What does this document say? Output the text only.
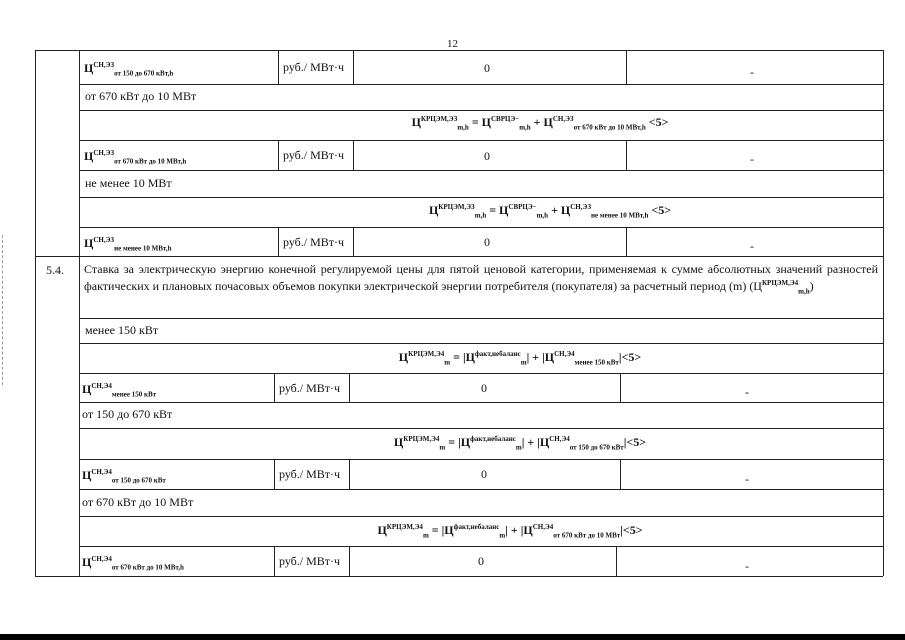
12
$Ц^{СН,ЭЗ}_{от 150 до 670 кВт,h}$	руб./ МВт·ч	0	-
от 670 кВт до 10 МВт
$Ц^{КРЦЭМ,ЭЗ}_{m,h} = Ц^{СВРЦЭ-}_{m,h} + Ц^{СН,ЭЗ}_{от 670 кВт до 10 МВт,h} <5>$
$Ц^{СН,ЭЗ}_{от 670 кВт до 10 МВт,h}$	руб./ МВт·ч	0	-
не менее 10 МВт
$Ц^{КРЦЭМ,ЭЗ}_{m,h} = Ц^{СВРЦЭ-}_{m,h} + Ц^{СН,ЭЗ}_{не менее 10 МВт,h} <5>$
$Ц^{СН,ЭЗ}_{не менее 10 МВт,h}$	руб./ МВт·ч	0	-
5.4. Ставка за электрическую энергию конечной регулируемой цены для пятой ценовой категории, применяемая к сумме абсолютных значений разностей фактических и плановых почасовых объемов покупки электрической энергии потребителя (покупателя) за расчетный период (m) $(Ц^{КРЦЭМ,Э4}_{m,h})$
менее 150 кВт
$Ц^{КРЦЭМ,Э4}_m = |Ц^{факт,небаланс}_m| + |Ц^{СН,Э4}_{менее 150 кВт}|<5>$
$Ц^{СН,Э4}_{менее 150 кВт}$	руб./ МВт·ч	0	-
от 150 до 670 кВт
$Ц^{КРЦЭМ,Э4}_m = |Ц^{факт,небаланс}_m| + |Ц^{СН,Э4}_{от 150 до 670 кВт}|<5>$
$Ц^{СН,Э4}_{от 150 до 670 кВт}$	руб./ МВт·ч	0	-
от 670 кВт до 10 МВт
$Ц^{КРЦЭМ,Э4}_m = |Ц^{факт,небаланс}_m| + |Ц^{СН,Э4}_{от 670 кВт до 10 МВт}|<5>$
$Ц^{СН,Э4}_{от 670 кВт до 10 МВт,h}$	руб./ МВт·ч	0	-
